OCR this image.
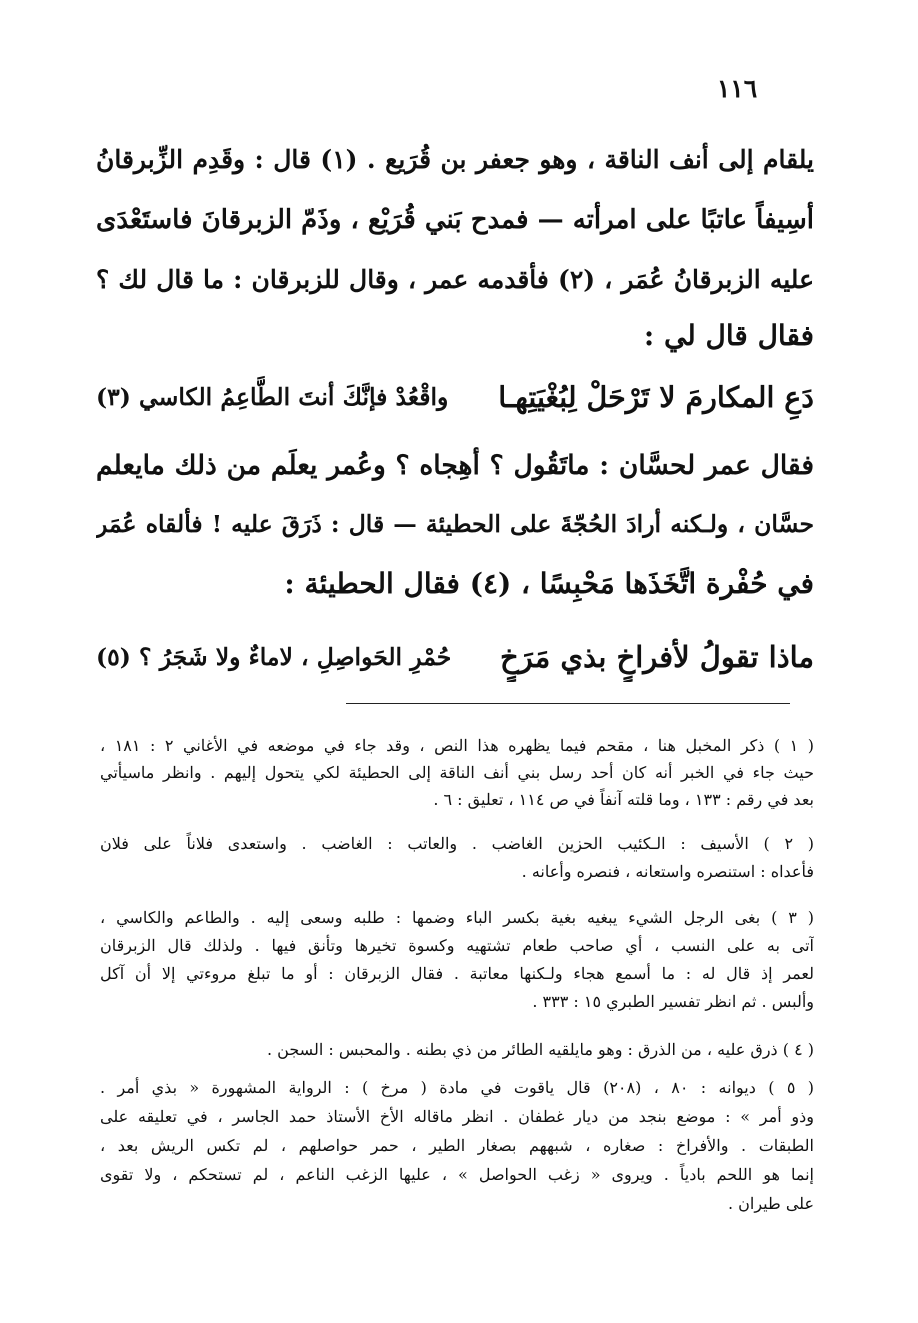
١١٦
يلقام إلى أنف الناقة ، وهو جعفر بن قُرَيع . (١) قال : وقَدِم الزِّبرقانُ
أسِيفاً عاتبًا على امرأته — فمدح بَني قُرَيْع ، وذَمّ الزبرقانَ فاستَعْدَى
عليه الزبرقانُ عُمَر ، (٢) فأقدمه عمر ، وقال للزبرقان : ما قال لك ؟
فقال قال لي :
دَعِ المكارمَ لا تَرْحَلْ لِبُغْيَتِهـا
واقْعُدْ فإنَّكَ أنتَ الطَّاعِمُ الكاسي (٣)
فقال عمر لحسَّان : ماتَقُول ؟ أهِجاه ؟ وعُمر يعلَم من ذلك مايعلم
حسَّان ، ولـكنه أرادَ الحُجّةَ على الحطيئة — قال : ذَرَقَ عليه ! فألقاه عُمَر
في حُفْرة اتَّخَذَها مَحْبِسًا ، (٤) فقال الحطيئة :
ماذا تقولُ لأفراخٍ بذي مَرَخٍ
حُمْرِ الحَواصِلِ ، لاماءٌ ولا شَجَرُ ؟ (٥)
( ١ ) ذكر المخبل هنا ، مقحم فيما يظهره هذا النص ، وقد جاء في موضعه في الأغاني ٢ : ١٨١ ،
حيث جاء في الخبر أنه كان أحد رسل بني أنف الناقة إلى الحطيئة لكي يتحول إليهم . وانظر ماسيأتي
بعد في رقم : ١٣٣ ، وما قلته آنفاً في ص ١١٤ ، تعليق : ٦ .
( ٢ ) الأسيف : الـكئيب الحزين الغاضب . والعاتب : الغاضب . واستعدى فلاناً على فلان
فأعداه : استنصره واستعانه ، فنصره وأعانه .
( ٣ ) بغى الرجل الشيء يبغيه بغية بكسر الباء وضمها : طلبه وسعى إليه . والطاعم والكاسي ،
آتى به على النسب ، أي صاحب طعام تشتهيه وكسوة تخيرها وتأنق فيها . ولذلك قال الزبرقان
لعمر إذ قال له : ما أسمع هجاء ولـكنها معاتبة . فقال الزبرقان : أو ما تبلغ مروءتي إلا أن آكل
وألبس . ثم انظر تفسير الطبري ١٥ : ٣٣٣ .
( ٤ ) ذرق عليه ، من الذرق : وهو مايلقيه الطائر من ذي بطنه . والمحبس : السجن .
( ٥ ) ديوانه : ٨٠ ، (٢٠٨) قال ياقوت في مادة ( مرخ ) : الرواية المشهورة « بذي أمر .
وذو أمر » : موضع بنجد من ديار غطفان . انظر ماقاله الأخ الأستاذ حمد الجاسر ، في تعليقه على
الطبقات . والأفراخ : صغاره ، شبههم بصغار الطير ، حمر حواصلهم ، لم تكس الريش بعد ،
إنما هو اللحم بادياً . ويروى « زغب الحواصل » ، عليها الزغب الناعم ، لم تستحكم ، ولا تقوى
على طيران .
